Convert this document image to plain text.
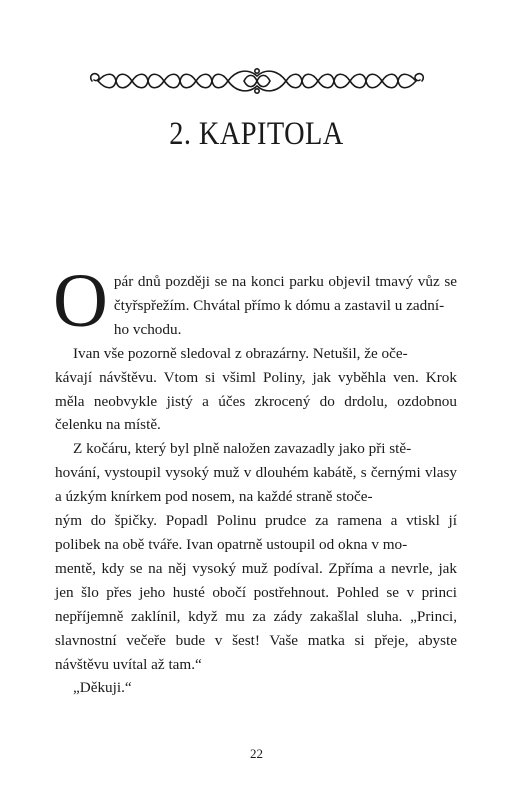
2. KAPITOLA

O pár dnů později se na konci parku objevil tmavý vůz se čtyřspřežím. Chvátal přímo k dómu a zastavil u zadní-
ho vchodu.

Ivan vše pozorně sledoval z obrazárny. Netušil, že oče-
kávají návštěvu. Vtom si všiml Poliny, jak vyběhla ven. Krok měla neobvykle jistý a účes zkrocený do drdolu, ozdobnou čelenku na místě.

Z kočáru, který byl plně naložen zavazadly jako při stě-
hování, vystoupil vysoký muž v dlouhém kabátě, s černými vlasy a úzkým knírkem pod nosem, na každé straně stoče-
ným do špičky. Popadl Polinu prudce za ramena a vtiskl jí polibek na obě tváře. Ivan opatrně ustoupil od okna v mo-
mentě, kdy se na něj vysoký muž podíval. Zpříma a nevrle, jak jen šlo přes jeho husté obočí postřehnout. Pohled se v princi nepříjemně zaklínil, když mu za zády zakašlal sluha. „Princi, slavnostní večeře bude v šest! Vaše matka si přeje, abyste návštěvu uvítal až tam.“

„Děkuji.“

22
